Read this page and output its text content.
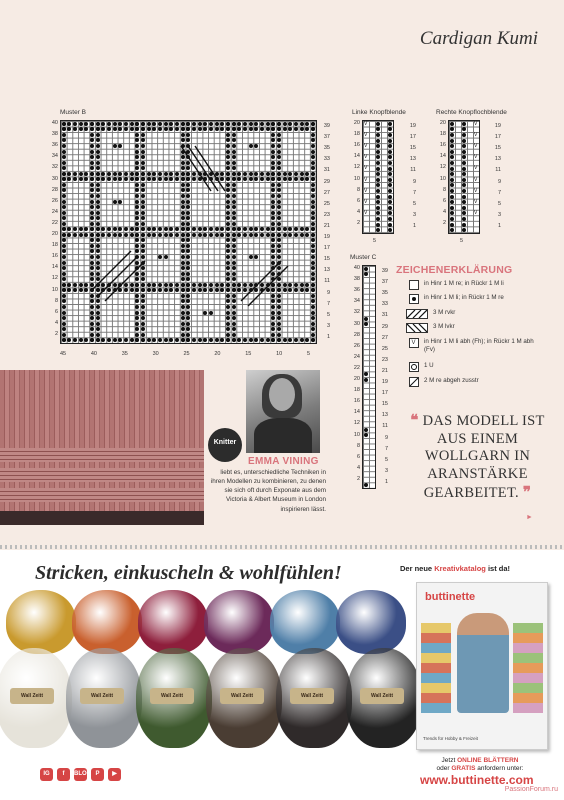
Cardigan Kumi
Muster B
40
38
36
34
32
30
28
26
24
22
20
18
16
14
12
10
8
6
4
2
39
37
35
33
31
29
27
25
23
21
19
17
15
13
11
9
7
5
3
1
45	40	35	30	25	20	15	10	5
Linke Knopfblende
V
V
V
V
V
V
V
V
V
20
18
16
14
12
10
8
6
4
2
19
17
15
13
11
9
7
5
3
1
5
Rechte Knopflochblende
V
V
V
V
V
V
V
V
V
20
18
16
14
12
10
8
6
4
2
19
17
15
13
11
9
7
5
3
1
5
Muster C
40
38
36
34
32
30
28
26
24
22
20
18
16
14
12
10
8
6
4
2
39
37
35
33
31
29
27
25
23
21
19
17
15
13
11
9
7
5
3
1
ZEICHENERKLÄRUNG
in Hinr 1 M re; in Rückr 1 M li
in Hinr 1 M li; in Rückr 1 M re
3 M rvkr
3 M lvkr
V in Hinr 1 M li abh (Fh); in Rückr 1 M abh (Fv)
1 U
2 M re abgeh zusstr
❝ DAS MODELL IST AUS EINEM WOLLGARN IN ARANSTÄRKE GEARBEITET. ❞
►
Knitter
EMMA VINING
liebt es, unterschiedliche Techniken in ihren Modellen zu kombinieren, zu denen sie sich oft durch Exponate aus dem Victoria & Albert Museum in London inspirieren lässt.
Stricken, einkuscheln & wohlfühlen!
Wall Zeitt	Wall Zeitt	Wall Zeitt	Wall Zeitt	Wall Zeitt	Wall Zeitt
IG	f	BLOG P	▶
Der neue Kreativkatalog ist da!
buttinette
Trends für Hobby & Freizeit
Jetzt ONLINE BLÄTTERN
oder GRATIS anfordern unter:
www.buttinette.com
PassionForum.ru
